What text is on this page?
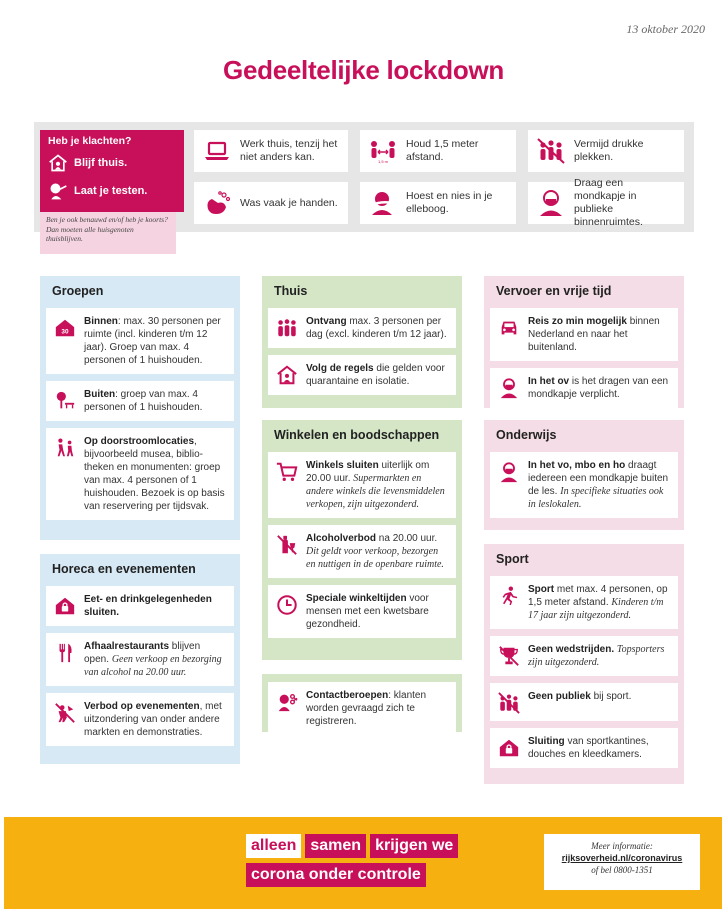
13 oktober 2020
Gedeeltelijke lockdown
Heb je klachten?
Blijf thuis.
Laat je testen.
Ben je ook benauwd en/of heb je koorts? Dan moeten alle huisgenoten thuisblijven.
Werk thuis, tenzij het niet anders kan.	1,5 m
Houd 1,5 meter afstand.
Vermijd drukke plekken.
Was vaak je handen.
Hoest en nies in je elleboog.
Draag een mondkapje in publieke binnenruimtes.
Groepen
30
Binnen: max. 30 personen per ruimte (incl. kinderen t/m 12 jaar). Groep van max. 4 personen of 1 huishouden.
Buiten: groep van max. 4 personen of 1 huishouden.
Op doorstroomlocaties, bijvoorbeeld musea, bibliotheken en monumenten: groep van max. 4 personen of 1 huishouden. Bezoek is op basis van reservering per tijdsvak.
Horeca en evenementen
Eet- en drinkgelegenheden sluiten.
Afhaalrestaurants blijven open. Geen verkoop en bezorging van alcohol na 20.00 uur.
Verbod op evenementen, met uitzondering van onder andere markten en demonstraties.
Thuis
Ontvang max. 3 personen per dag (excl. kinderen t/m 12 jaar).
Volg de regels die gelden voor quarantaine en isolatie.
Winkelen en boodschappen
Winkels sluiten uiterlijk om 20.00 uur. Supermarkten en andere winkels die levensmiddelen verkopen, zijn uitgezonderd.
Alcoholverbod na 20.00 uur. Dit geldt voor verkoop, bezorgen en nuttigen in de openbare ruimte.
Speciale winkeltijden voor mensen met een kwetsbare gezondheid.
Contactberoepen: klanten worden gevraagd zich te registreren.
Vervoer en vrije tijd
Reis zo min mogelijk binnen Nederland en naar het buitenland.
In het ov is het dragen van een mondkapje verplicht.
Onderwijs
In het vo, mbo en ho draagt iedereen een mondkapje buiten de les. In specifieke situaties ook in leslokalen.
Sport
Sport met max. 4 personen, op 1,5 meter afstand. Kinderen t/m 17 jaar zijn uitgezonderd.
Geen wedstrijden. Topsporters zijn uitgezonderd.
Geen publiek bij sport.
Sluiting van sportkantines, douches en kleedkamers.
alleen samen krijgen we
corona onder controle
Meer informatie:
rijksoverheid.nl/coronavirus
of bel 0800-1351
